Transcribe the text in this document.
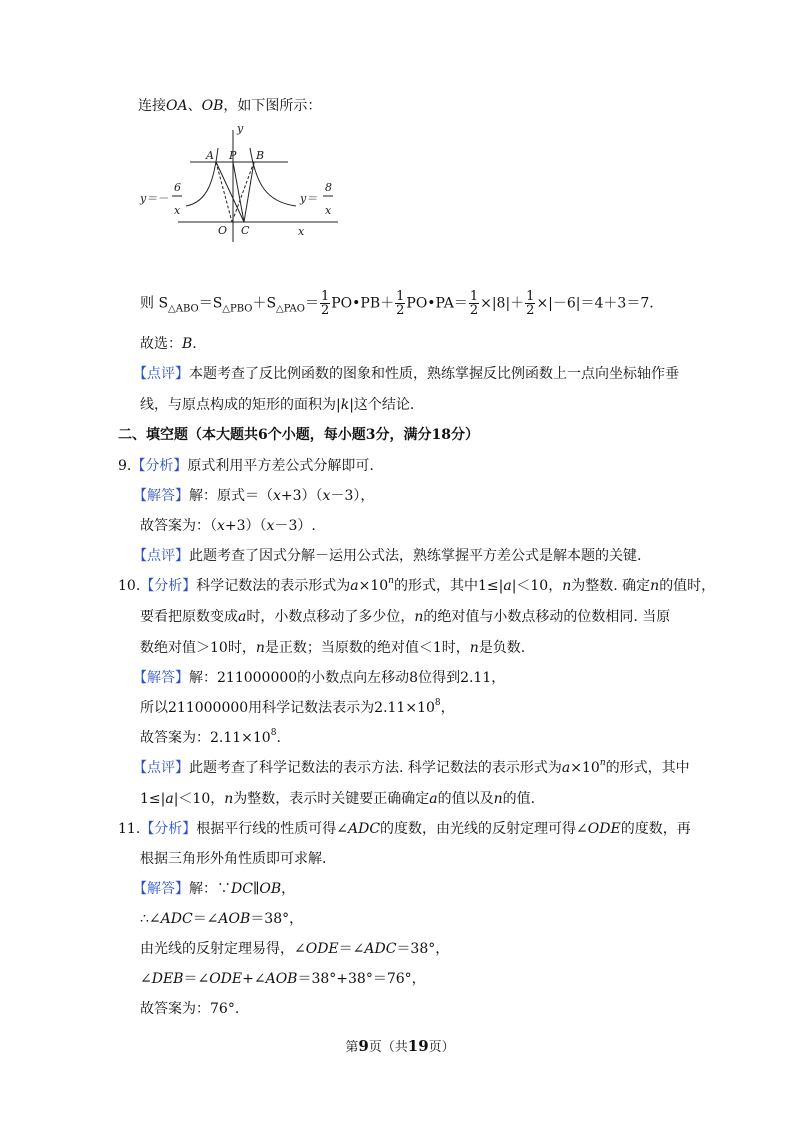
连接OA、OB，如下图所示：
y
x
A P B
O C
y＝－
6
x
y＝
8
x
则 $S_{\triangle ABO}=S_{\triangle PBO}+S_{\triangle PAO}= \frac{1}{2}$ PO•PB＋ $\frac{1}{2}$ PO•PA＝ $\frac{1}{2} \times|8|+ \frac{1}{2} \times|-6|=4+3=7$.
故选：B.
【点评】本题考查了反比例函数的图象和性质，熟练掌握反比例函数上一点向坐标轴作垂
线，与原点构成的矩形的面积为|k|这个结论.
二、填空题（本大题共6个小题，每小题3分，满分18分）
9.【分析】原式利用平方差公式分解即可.
【解答】解：原式＝（x+3）（x－3），
故答案为：（x+3）（x－3）.
【点评】此题考查了因式分解－运用公式法，熟练掌握平方差公式是解本题的关键.
10.【分析】科学记数法的表示形式为$a\times 10^n$的形式，其中1≤|a|＜10，n为整数. 确定n的值时，
要看把原数变成a时，小数点移动了多少位，n的绝对值与小数点移动的位数相同. 当原
数绝对值＞10时，n是正数；当原数的绝对值＜1时，n是负数.
【解答】解：211000000的小数点向左移动8位得到2.11，
所以211000000用科学记数法表示为$2.11\times 10^8$，
故答案为：$2.11\times 10^8$.
【点评】此题考查了科学记数法的表示方法. 科学记数法的表示形式为$a\times 10^n$的形式，其中
1≤|a|＜10，n为整数，表示时关键要正确确定a的值以及n的值.
11.【分析】根据平行线的性质可得∠ADC的度数，由光线的反射定理可得∠ODE的度数，再
根据三角形外角性质即可求解.
【解答】解：∵DC∥OB，
∴∠ADC＝∠AOB＝38°，
由光线的反射定理易得，∠ODE＝∠ADC＝38°，
∠DEB＝∠ODE+∠AOB＝38°+38°＝76°，
故答案为：76°.
第9页（共19页）
